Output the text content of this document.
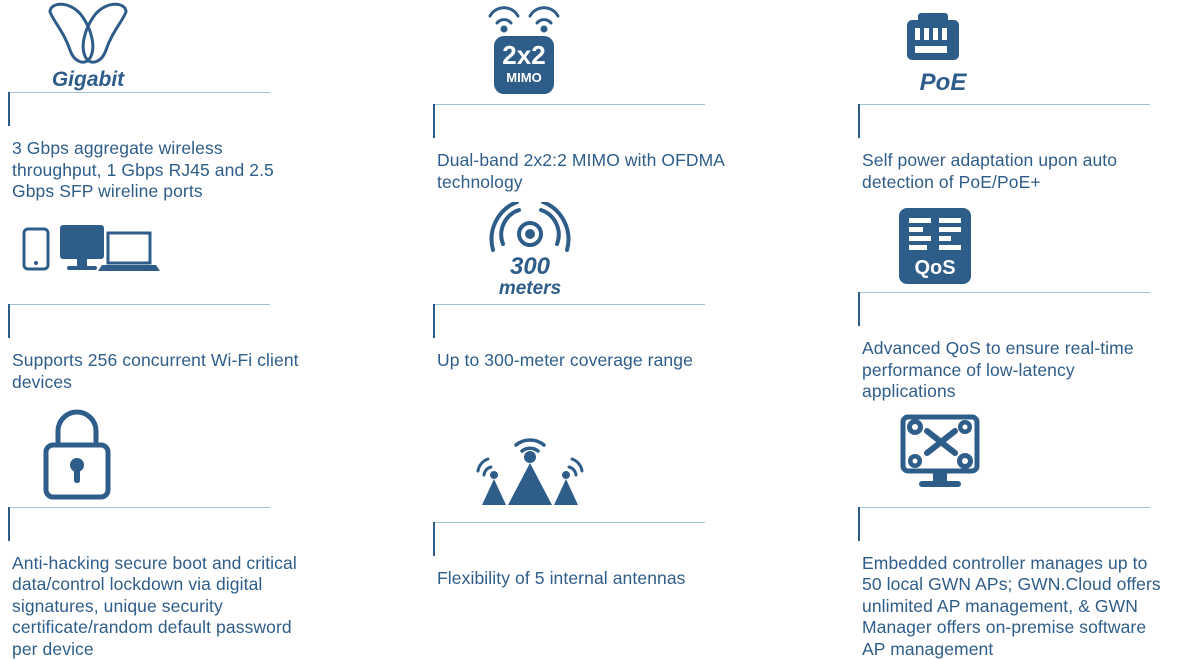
Gigabit
3 Gbps aggregate wireless throughput, 1 Gbps RJ45 and 2.5 Gbps SFP wireline ports
2x2
MIMO
Dual-band 2x2:2 MIMO with OFDMA technology
PoE
Self power adaptation upon auto detection of PoE/PoE+
Supports 256 concurrent Wi-Fi client devices
300
meters
Up to 300-meter coverage range
QoS
Advanced QoS to ensure real-time performance of low-latency applications
Anti-hacking secure boot and critical data/control lockdown via digital signatures, unique security certificate/random default password per device
Flexibility of 5 internal antennas
Embedded controller manages up to 50 local GWN APs; GWN.Cloud offers unlimited AP management, & GWN Manager offers on-premise software AP management
